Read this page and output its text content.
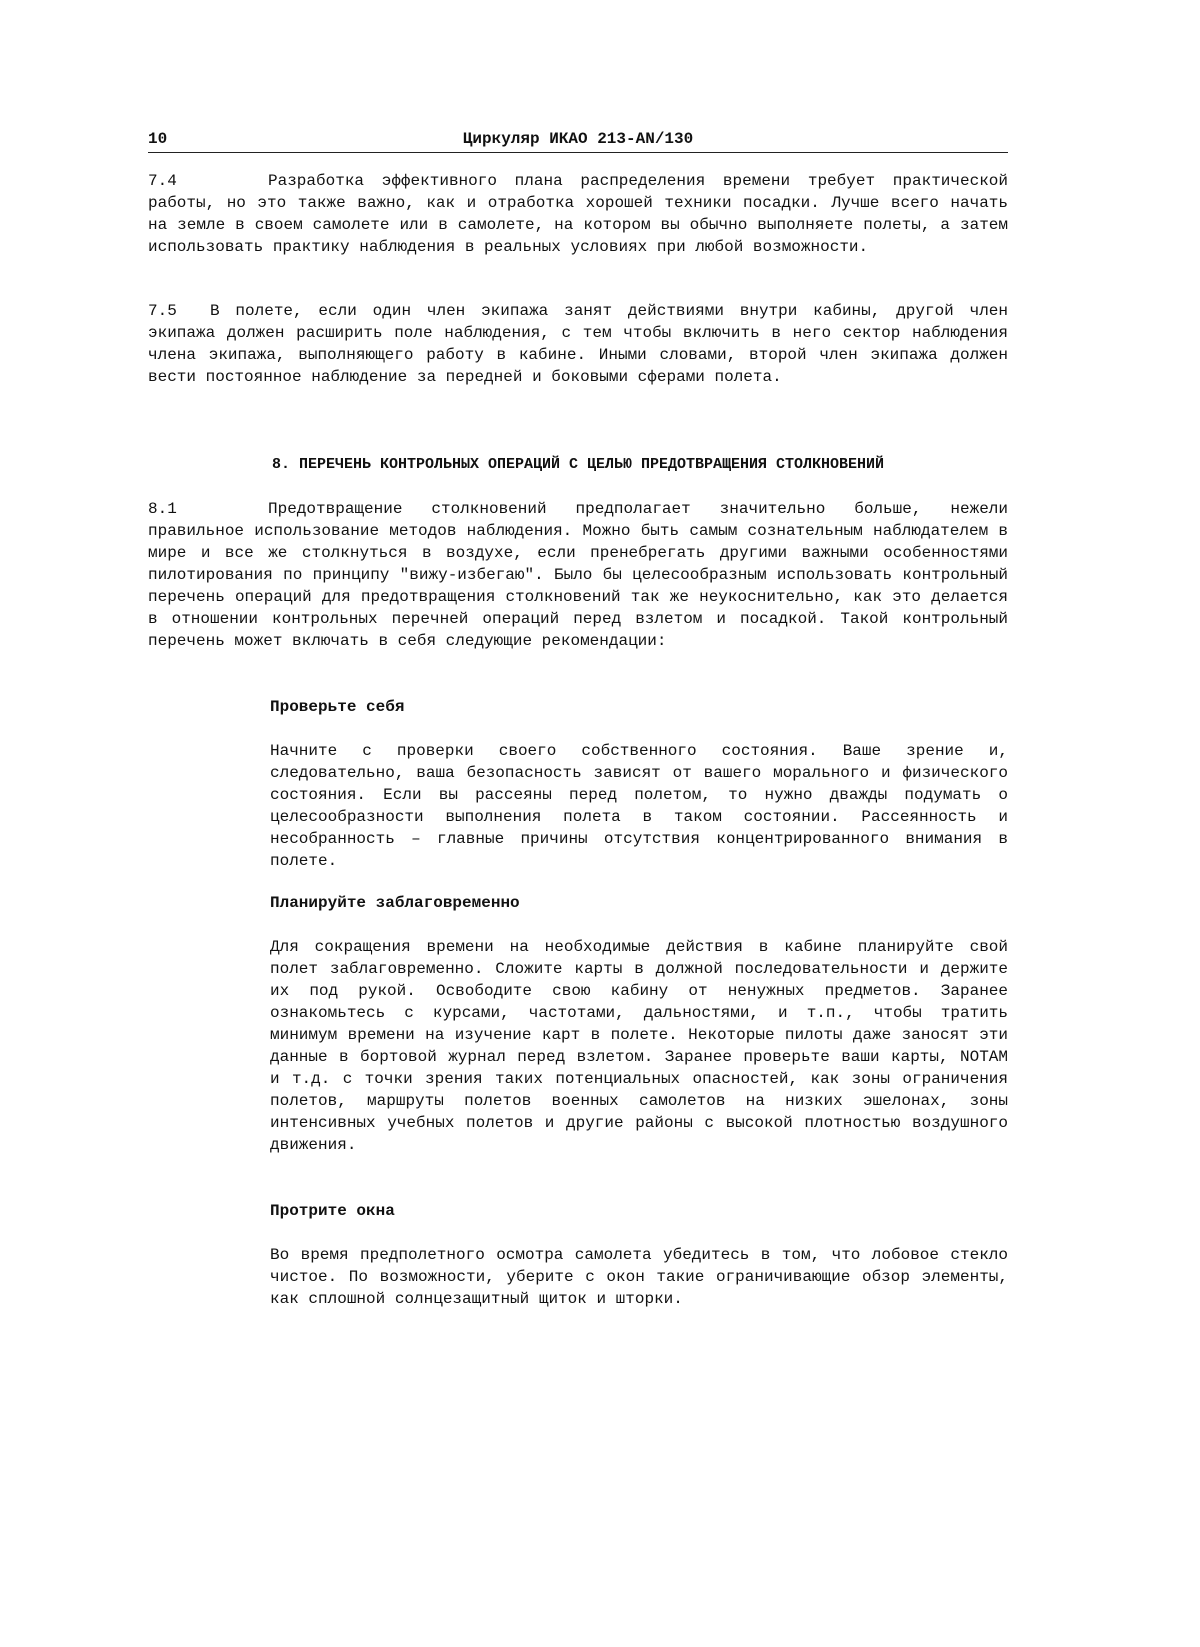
10	Циркуляр ИКАО 213-AN/130

7.4	Разработка эффективного плана распределения времени требует практической работы, но это также важно, как и отработка хорошей техники посадки. Лучше всего начать на земле в своем самолете или в самолете, на котором вы обычно выполняете полеты, а затем использовать практику наблюдения в реальных условиях при любой возможности.

7.5 В полете, если один член экипажа занят действиями внутри кабины, другой член экипажа должен расширить поле наблюдения, с тем чтобы включить в него сектор наблюдения члена экипажа, выполняющего работу в кабине. Иными словами, второй член экипажа должен вести постоянное наблюдение за передней и боковыми сферами полета.

8. ПЕРЕЧЕНЬ КОНТРОЛЬНЫХ ОПЕРАЦИЙ С ЦЕЛЬЮ ПРЕДОТВРАЩЕНИЯ СТОЛКНОВЕНИЙ

8.1	Предотвращение столкновений предполагает значительно больше, нежели правильное использование методов наблюдения. Можно быть самым сознательным наблюдателем в мире и все же столкнуться в воздухе, если пренебрегать другими важными особенностями пилотирования по принципу "вижу-избегаю". Было бы целесообразным использовать контрольный перечень операций для предотвращения столкновений так же неукоснительно, как это делается в отношении контрольных перечней операций перед взлетом и посадкой. Такой контрольный перечень может включать в себя следующие рекомендации:

Проверьте себя

Начните с проверки своего собственного состояния. Ваше зрение и, следовательно, ваша безопасность зависят от вашего морального и физического состояния. Если вы рассеяны перед полетом, то нужно дважды подумать о целесообразности выполнения полета в таком состоянии. Рассеянность и несобранность – главные причины отсутствия концентрированного внимания в полете.

Планируйте заблаговременно

Для сокращения времени на необходимые действия в кабине планируйте свой полет заблаговременно. Сложите карты в должной последовательности и держите их под рукой. Освободите свою кабину от ненужных предметов. Заранее ознакомьтесь с курсами, частотами, дальностями, и т.п., чтобы тратить минимум времени на изучение карт в полете. Некоторые пилоты даже заносят эти данные в бортовой журнал перед взлетом. Заранее проверьте ваши карты, NOTAM и т.д. с точки зрения таких потенциальных опасностей, как зоны ограничения полетов, маршруты полетов военных самолетов на низких эшелонах, зоны интенсивных учебных полетов и другие районы с высокой плотностью воздушного движения.

Протрите окна

Во время предполетного осмотра самолета убедитесь в том, что лобовое стекло чистое. По возможности, уберите с окон такие ограничивающие обзор элементы, как сплошной солнцезащитный щиток и шторки.
